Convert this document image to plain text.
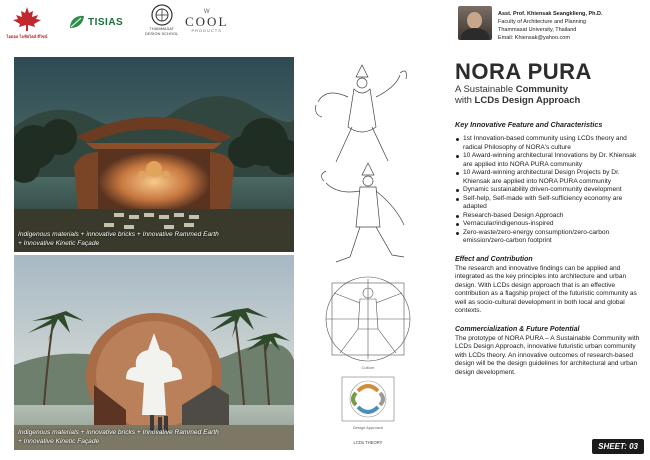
ไอดอล ไลฟ์สไตล์ ดีไซน์
TISIAS
THAMMASAT
DESIGN SCHOOL
W
COOL
PRODUCTS
Asst. Prof. Khiensak Seangklieng, Ph.D.
Faculty of Architecture and Planning
Thammasat University, Thailand
Email: Khiensak@yahoo.com
Indigenous materials + innovative bricks + Innovative Rammed Earth
+ Innovative Kinetic Façade
Indigenous materials + innovative bricks + Innovative Rammed Earth
+ Innovative Kinetic Façade
Culture
Design Approach
LCDs THEORY
NORA PURA
A Sustainable Community
with LCDs Design Approach
Key Innovative Feature and Characteristics
1st Innovation-based community using LCDs theory and radical Philosophy of NORA's culture
10 Award-winning architectural Innovations by Dr. Khiensak are applied into NORA PURA community
10 Award-winning architectural Design Projects by Dr. Khiensak are applied into NORA PURA community
Dynamic sustainability driven-community development
Self-help, Self-made with Self-sufficiency economy are adapted
Research-based Design Approach
Vernacular/indigenous-inspired
Zero-waste/zero-energy consumption/zero-carbon emission/zero-carbon footprint
Effect and Contribution
The research and innovative findings can be applied and integrated as the key principles into architecture and urban design. With LCDs design approach that is an effective contribution as a flagship project of the futuristic community as well as socio-cultural development in both local and global contexts.
Commercialization & Future Potential
The prototype of NORA PURA – A Sustainable Community with LCDs Design Approach, innovative futuristic urban community with LCDs theory. An innovative outcomes of research-based design will be the design guidelines for architectural and urban design development.
SHEET: 03
